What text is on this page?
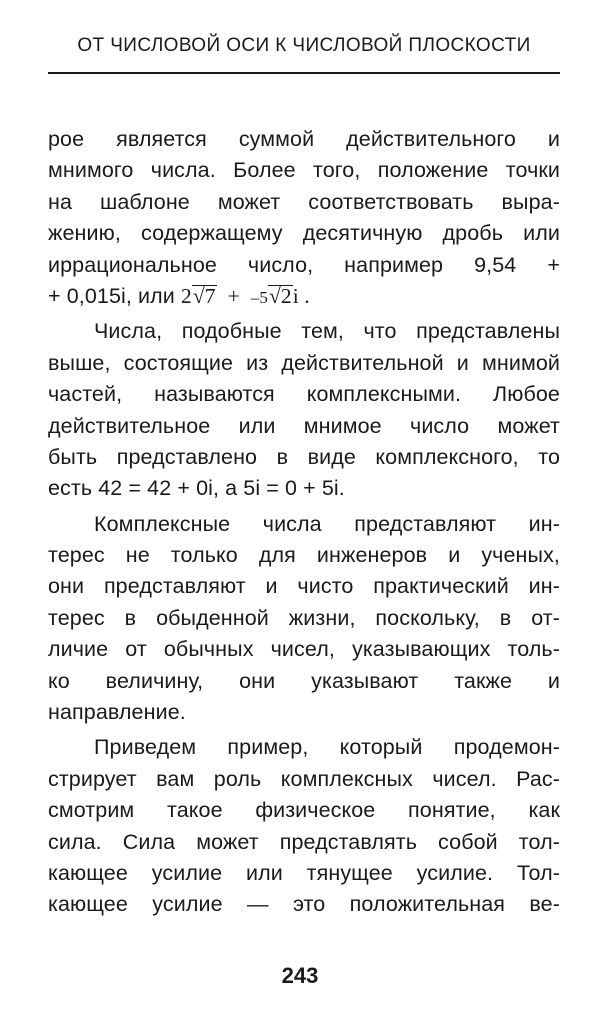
ОТ ЧИСЛОВОЙ ОСИ К ЧИСЛОВОЙ ПЛОСКОСТИ
рое является суммой действительного и
мнимого числа. Более того, положение точки
на шаблоне может соответствовать выра-
жению, содержащему десятичную дробь или
иррациональное число, например 9,54 +
+ 0,015i, или 2√7 + –5√2i .
Числа, подобные тем, что представлены
выше, состоящие из действительной и мнимой
частей, называются комплексными. Любое
действительное или мнимое число может
быть представлено в виде комплексного, то
есть 42 = 42 + 0i, а 5i = 0 + 5i.
Комплексные числа представляют ин-
терес не только для инженеров и ученых,
они представляют и чисто практический ин-
терес в обыденной жизни, поскольку, в от-
личие от обычных чисел, указывающих толь-
ко величину, они указывают также и
направление.
Приведем пример, который продемон-
стрирует вам роль комплексных чисел. Рас-
смотрим такое физическое понятие, как
сила. Сила может представлять собой тол-
кающее усилие или тянущее усилие. Тол-
кающее усилие — это положительная ве-
243
